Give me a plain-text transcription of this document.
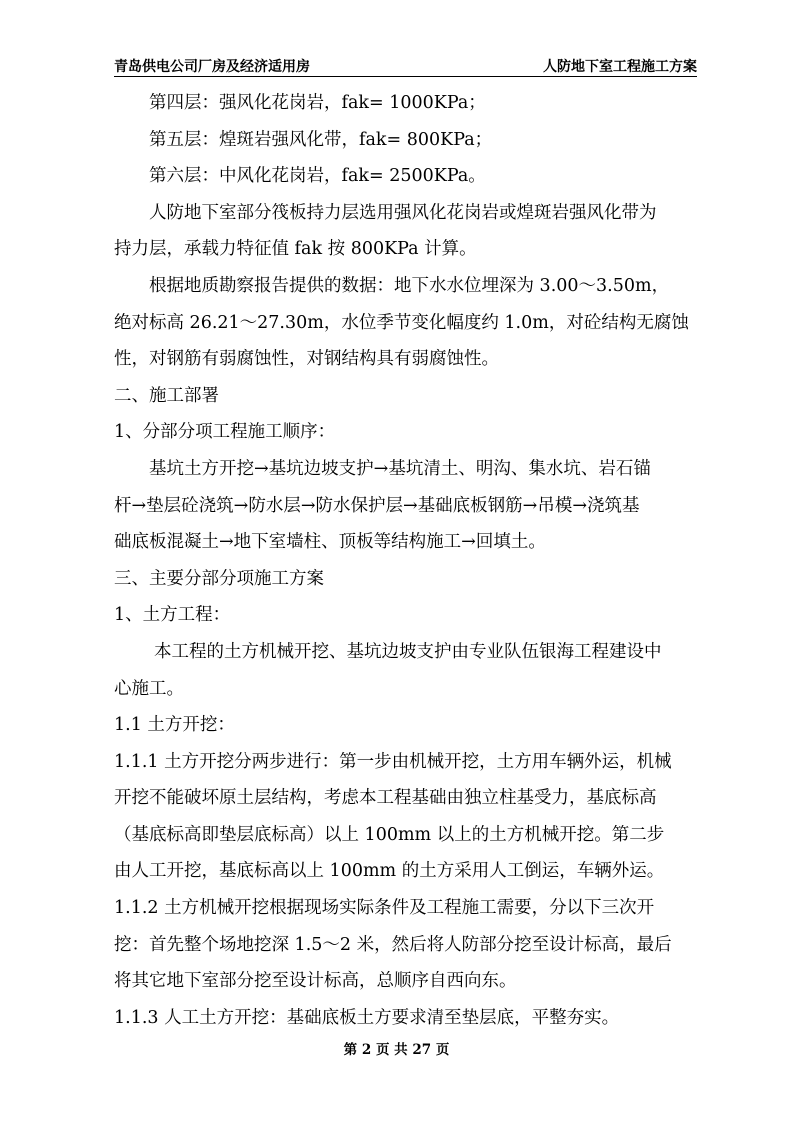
青岛供电公司厂房及经济适用房	人防地下室工程施工方案
第四层：强风化花岗岩，fak= 1000KPa；
第五层：煌斑岩强风化带，fak= 800KPa；
第六层：中风化花岗岩，fak= 2500KPa。
人防地下室部分筏板持力层选用强风化花岗岩或煌斑岩强风化带为
持力层，承载力特征值 fak 按 800KPa 计算。
根据地质勘察报告提供的数据：地下水水位埋深为 3.00～3.50m，
绝对标高 26.21～27.30m，水位季节变化幅度约 1.0m，对砼结构无腐蚀
性，对钢筋有弱腐蚀性，对钢结构具有弱腐蚀性。
二、施工部署
1、分部分项工程施工顺序：
基坑土方开挖→基坑边坡支护→基坑清土、明沟、集水坑、岩石锚
杆→垫层砼浇筑→防水层→防水保护层→基础底板钢筋→吊模→浇筑基
础底板混凝土→地下室墙柱、顶板等结构施工→回填土。
三、主要分部分项施工方案
1、土方工程：
本工程的土方机械开挖、基坑边坡支护由专业队伍银海工程建设中
心施工。
1.1 土方开挖：
1.1.1 土方开挖分两步进行：第一步由机械开挖，土方用车辆外运，机械
开挖不能破坏原土层结构，考虑本工程基础由独立柱基受力，基底标高
（基底标高即垫层底标高）以上 100mm 以上的土方机械开挖。第二步
由人工开挖，基底标高以上 100mm 的土方采用人工倒运，车辆外运。
1.1.2 土方机械开挖根据现场实际条件及工程施工需要，分以下三次开
挖：首先整个场地挖深 1.5～2 米，然后将人防部分挖至设计标高，最后
将其它地下室部分挖至设计标高，总顺序自西向东。
1.1.3 人工土方开挖：基础底板土方要求清至垫层底，平整夯实。
第 2 页 共 27 页
